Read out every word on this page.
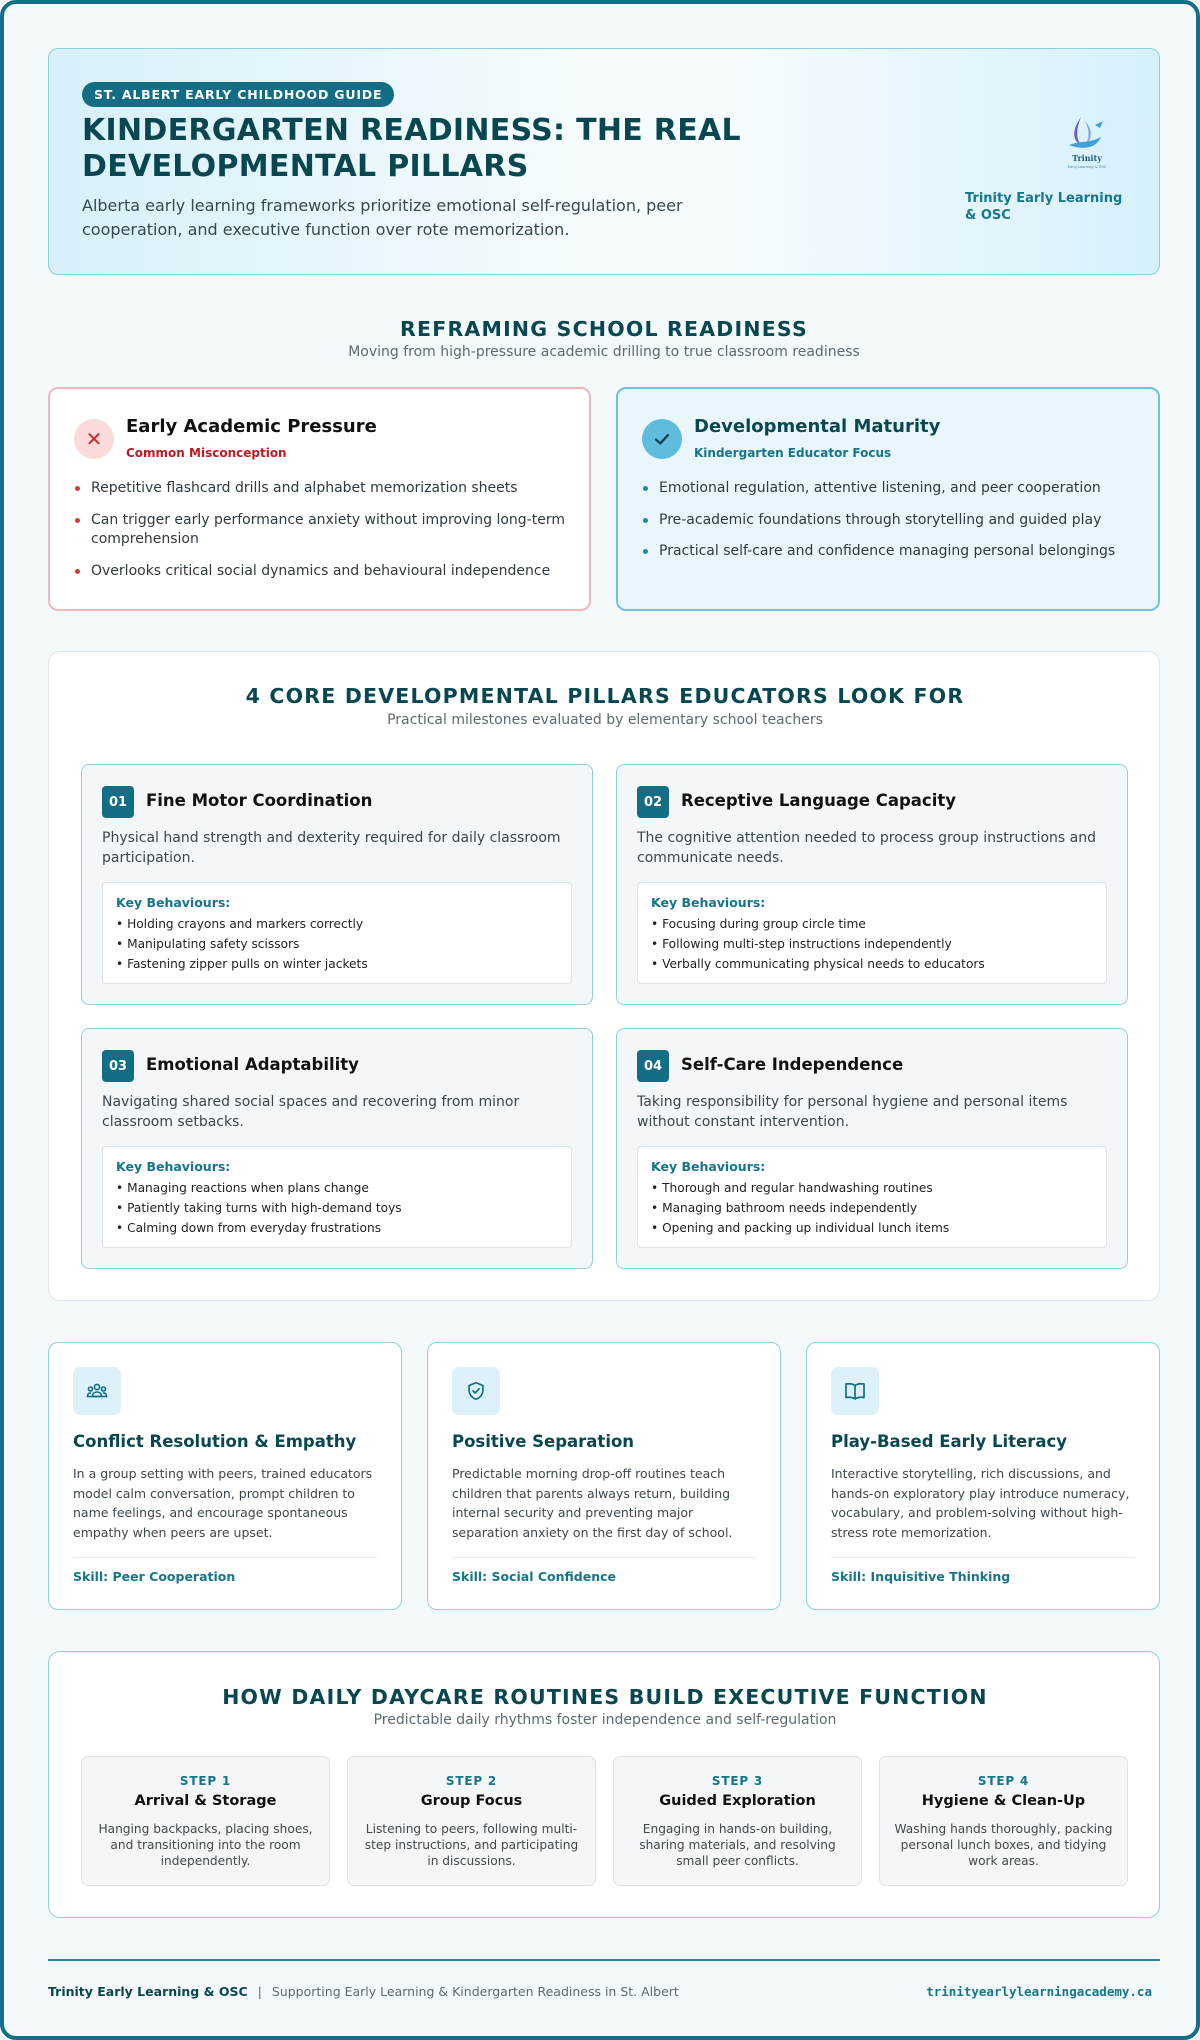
ST. ALBERT EARLY CHILDHOOD GUIDE
KINDERGARTEN READINESS: THE REAL DEVELOPMENTAL PILLARS

Alberta early learning frameworks prioritize emotional self-regulation, peer cooperation, and executive function over rote memorization.

Trinity
Early Learning & OSC
Trinity Early Learning & OSC
REFRAMING SCHOOL READINESS

Moving from high-pressure academic drilling to true classroom readiness

✕
Early Academic Pressure
Common Misconception
Repetitive flashcard drills and alphabet memorization sheets
Can trigger early performance anxiety without improving long-term comprehension
Overlooks critical social dynamics and behavioural independence
Developmental Maturity
Kindergarten Educator Focus
Emotional regulation, attentive listening, and peer cooperation
Pre-academic foundations through storytelling and guided play
Practical self-care and confidence managing personal belongings
4 CORE DEVELOPMENTAL PILLARS EDUCATORS LOOK FOR

Practical milestones evaluated by elementary school teachers

01	Fine Motor Coordination

Physical hand strength and dexterity required for daily classroom participation.

Key Behaviours:
• Holding crayons and markers correctly
• Manipulating safety scissors
• Fastening zipper pulls on winter jackets
02	Receptive Language Capacity

The cognitive attention needed to process group instructions and communicate needs.

Key Behaviours:
• Focusing during group circle time
• Following multi-step instructions independently
• Verbally communicating physical needs to educators
03	Emotional Adaptability

Navigating shared social spaces and recovering from minor classroom setbacks.

Key Behaviours:
• Managing reactions when plans change
• Patiently taking turns with high-demand toys
• Calming down from everyday frustrations
04	Self-Care Independence

Taking responsibility for personal hygiene and personal items without constant intervention.

Key Behaviours:
• Thorough and regular handwashing routines
• Managing bathroom needs independently
• Opening and packing up individual lunch items
Conflict Resolution & Empathy

In a group setting with peers, trained educators model calm conversation, prompt children to name feelings, and encourage spontaneous empathy when peers are upset.

Skill: Peer Cooperation
Positive Separation

Predictable morning drop-off routines teach children that parents always return, building internal security and preventing major separation anxiety on the first day of school.

Skill: Social Confidence
Play-Based Early Literacy

Interactive storytelling, rich discussions, and hands-on exploratory play introduce numeracy, vocabulary, and problem-solving without high-stress rote memorization.

Skill: Inquisitive Thinking
HOW DAILY DAYCARE ROUTINES BUILD EXECUTIVE FUNCTION

Predictable daily rhythms foster independence and self-regulation

STEP 1
Arrival & Storage
Hanging backpacks, placing shoes, and transitioning into the room independently.
STEP 2
Group Focus
Listening to peers, following multi-step instructions, and participating in discussions.
STEP 3
Guided Exploration
Engaging in hands-on building, sharing materials, and resolving small peer conflicts.
STEP 4
Hygiene & Clean-Up
Washing hands thoroughly, packing personal lunch boxes, and tidying work areas.
Trinity Early Learning & OSC | Supporting Early Learning & Kindergarten Readiness in St. Albert	trinityearlylearningacademy.ca
